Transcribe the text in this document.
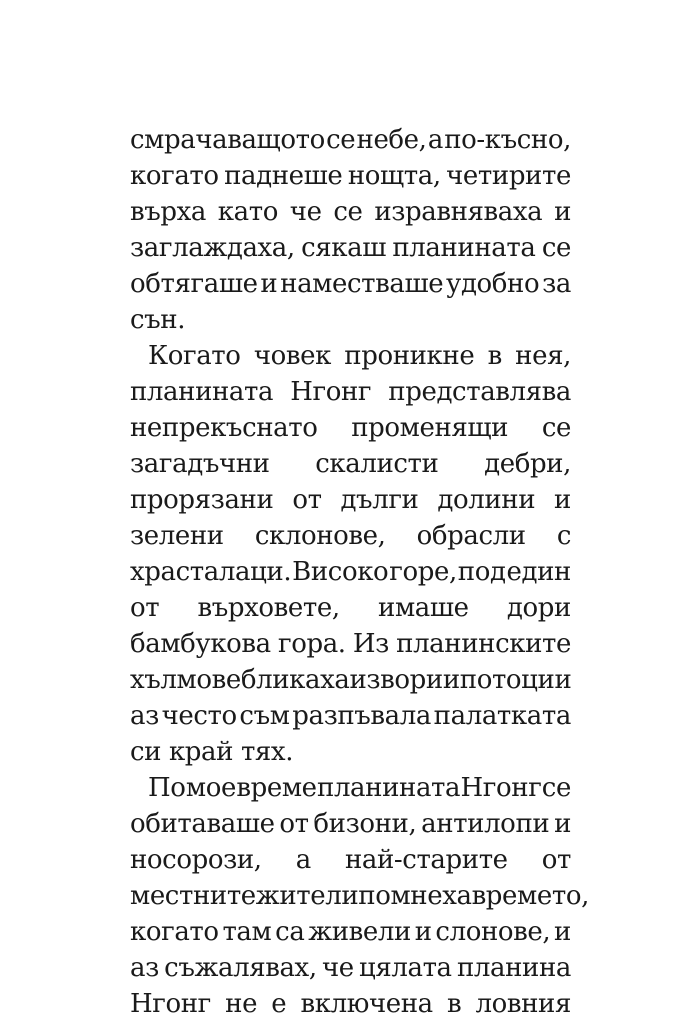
смрачаващото се небе, а по-късно,
когато паднеше нощта, четирите
върха като че се изравняваха и
заглаждаха, сякаш планината се
обтягаше и наместваше удобно за
сън.
Когато човек проникне в нея,
планината Нгонг представлява
непрекъснато променящи се
загадъчни скалисти дебри,
прорязани от дълги долини и
зелени склонове, обрасли с
храсталаци. Високо горе, под един
от върховете, имаше дори
бамбукова гора. Из планинските
хълмове бликаха извори и потоци и
аз често съм разпъвала палатката
си край тях.
По мое време планината Нгонг се
обитаваше от бизони, антилопи и
носорози, а най-старите от
местните жители помнеха времето,
когато там са живели и слонове, и
аз съжалявах, че цялата планина
Нгонг не е включена в ловния
